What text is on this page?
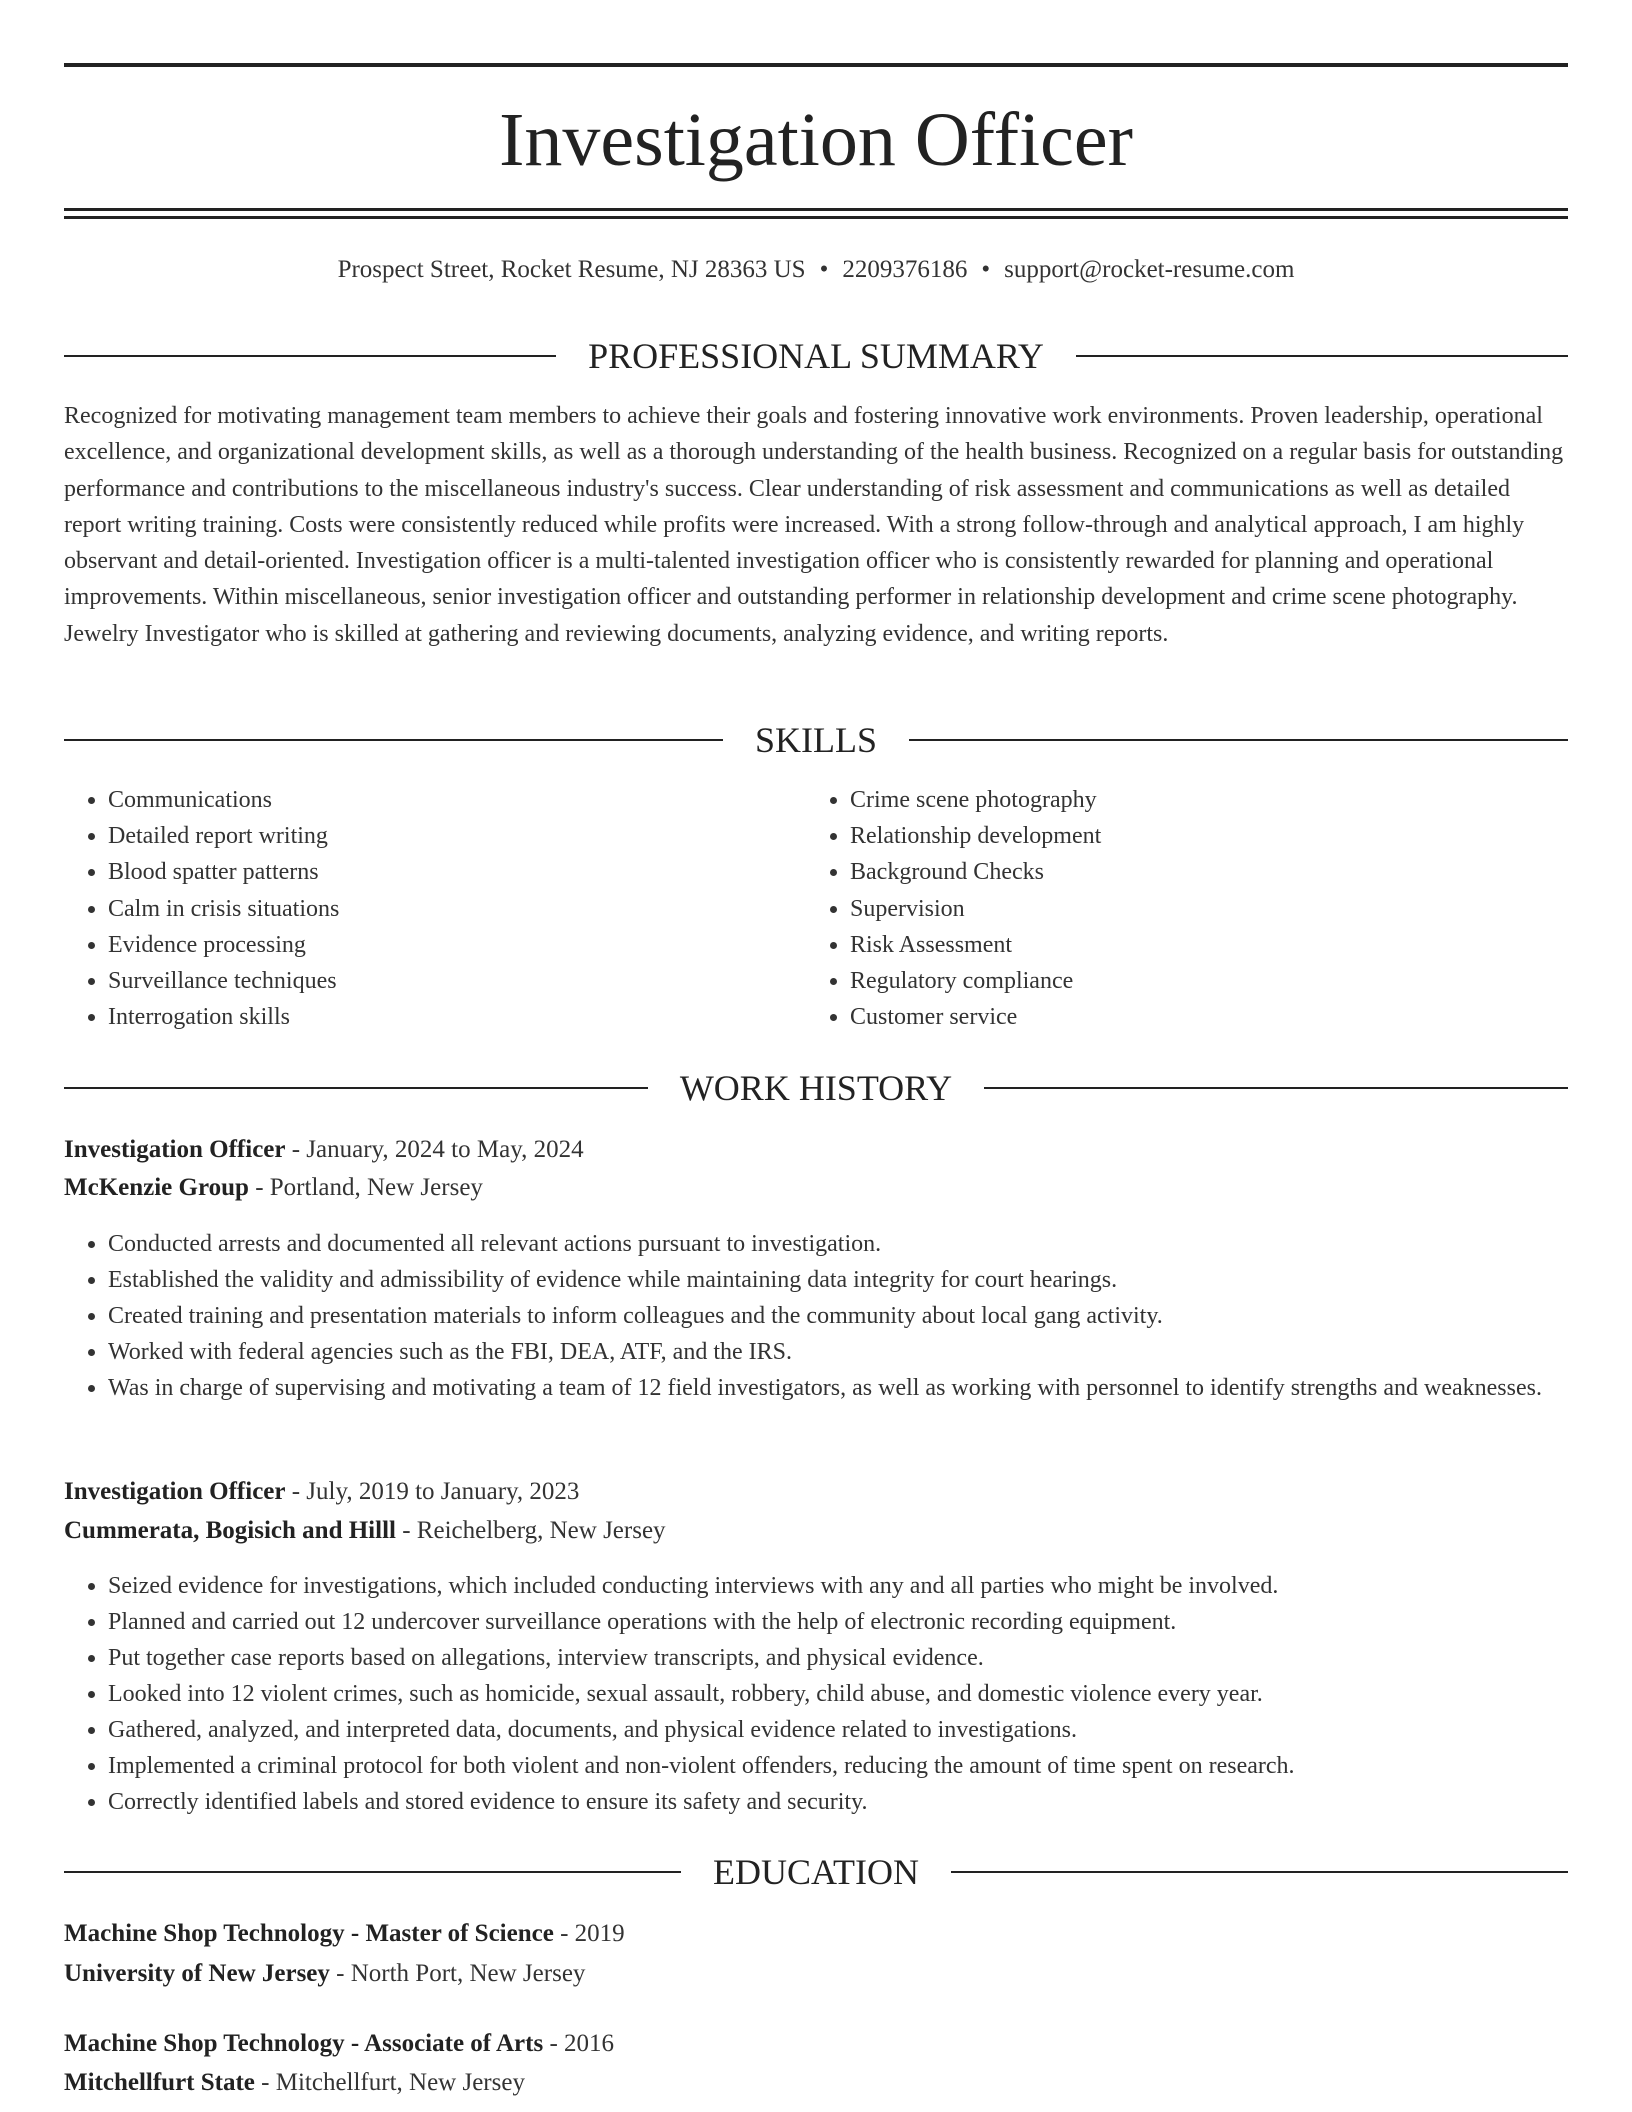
Investigation Officer
Prospect Street, Rocket Resume, NJ 28363 US • 2209376186 • support@rocket-resume.com
PROFESSIONAL SUMMARY

Recognized for motivating management team members to achieve their goals and fostering innovative work environments. Proven leadership, operational excellence, and organizational development skills, as well as a thorough understanding of the health business. Recognized on a regular basis for outstanding performance and contributions to the miscellaneous industry's success. Clear understanding of risk assessment and communications as well as detailed report writing training. Costs were consistently reduced while profits were increased. With a strong follow-through and analytical approach, I am highly observant and detail-oriented. Investigation officer is a multi-talented investigation officer who is consistently rewarded for planning and operational improvements. Within miscellaneous, senior investigation officer and outstanding performer in relationship development and crime scene photography. Jewelry Investigator who is skilled at gathering and reviewing documents, analyzing evidence, and writing reports.

SKILLS
• Communications
• Detailed report writing
• Blood spatter patterns
• Calm in crisis situations
• Evidence processing
• Surveillance techniques
• Interrogation skills
• Crime scene photography
• Relationship development
• Background Checks
• Supervision
• Risk Assessment
• Regulatory compliance
• Customer service
WORK HISTORY
Investigation Officer - January, 2024 to May, 2024
McKenzie Group - Portland, New Jersey
• Conducted arrests and documented all relevant actions pursuant to investigation.
• Established the validity and admissibility of evidence while maintaining data integrity for court hearings.
• Created training and presentation materials to inform colleagues and the community about local gang activity.
• Worked with federal agencies such as the FBI, DEA, ATF, and the IRS.
• Was in charge of supervising and motivating a team of 12 field investigators, as well as working with personnel to identify strengths and weaknesses.
Investigation Officer - July, 2019 to January, 2023
Cummerata, Bogisich and Hilll - Reichelberg, New Jersey
• Seized evidence for investigations, which included conducting interviews with any and all parties who might be involved.
• Planned and carried out 12 undercover surveillance operations with the help of electronic recording equipment.
• Put together case reports based on allegations, interview transcripts, and physical evidence.
• Looked into 12 violent crimes, such as homicide, sexual assault, robbery, child abuse, and domestic violence every year.
• Gathered, analyzed, and interpreted data, documents, and physical evidence related to investigations.
• Implemented a criminal protocol for both violent and non-violent offenders, reducing the amount of time spent on research.
• Correctly identified labels and stored evidence to ensure its safety and security.
EDUCATION
Machine Shop Technology - Master of Science - 2019
University of New Jersey - North Port, New Jersey
Machine Shop Technology - Associate of Arts - 2016
Mitchellfurt State - Mitchellfurt, New Jersey
